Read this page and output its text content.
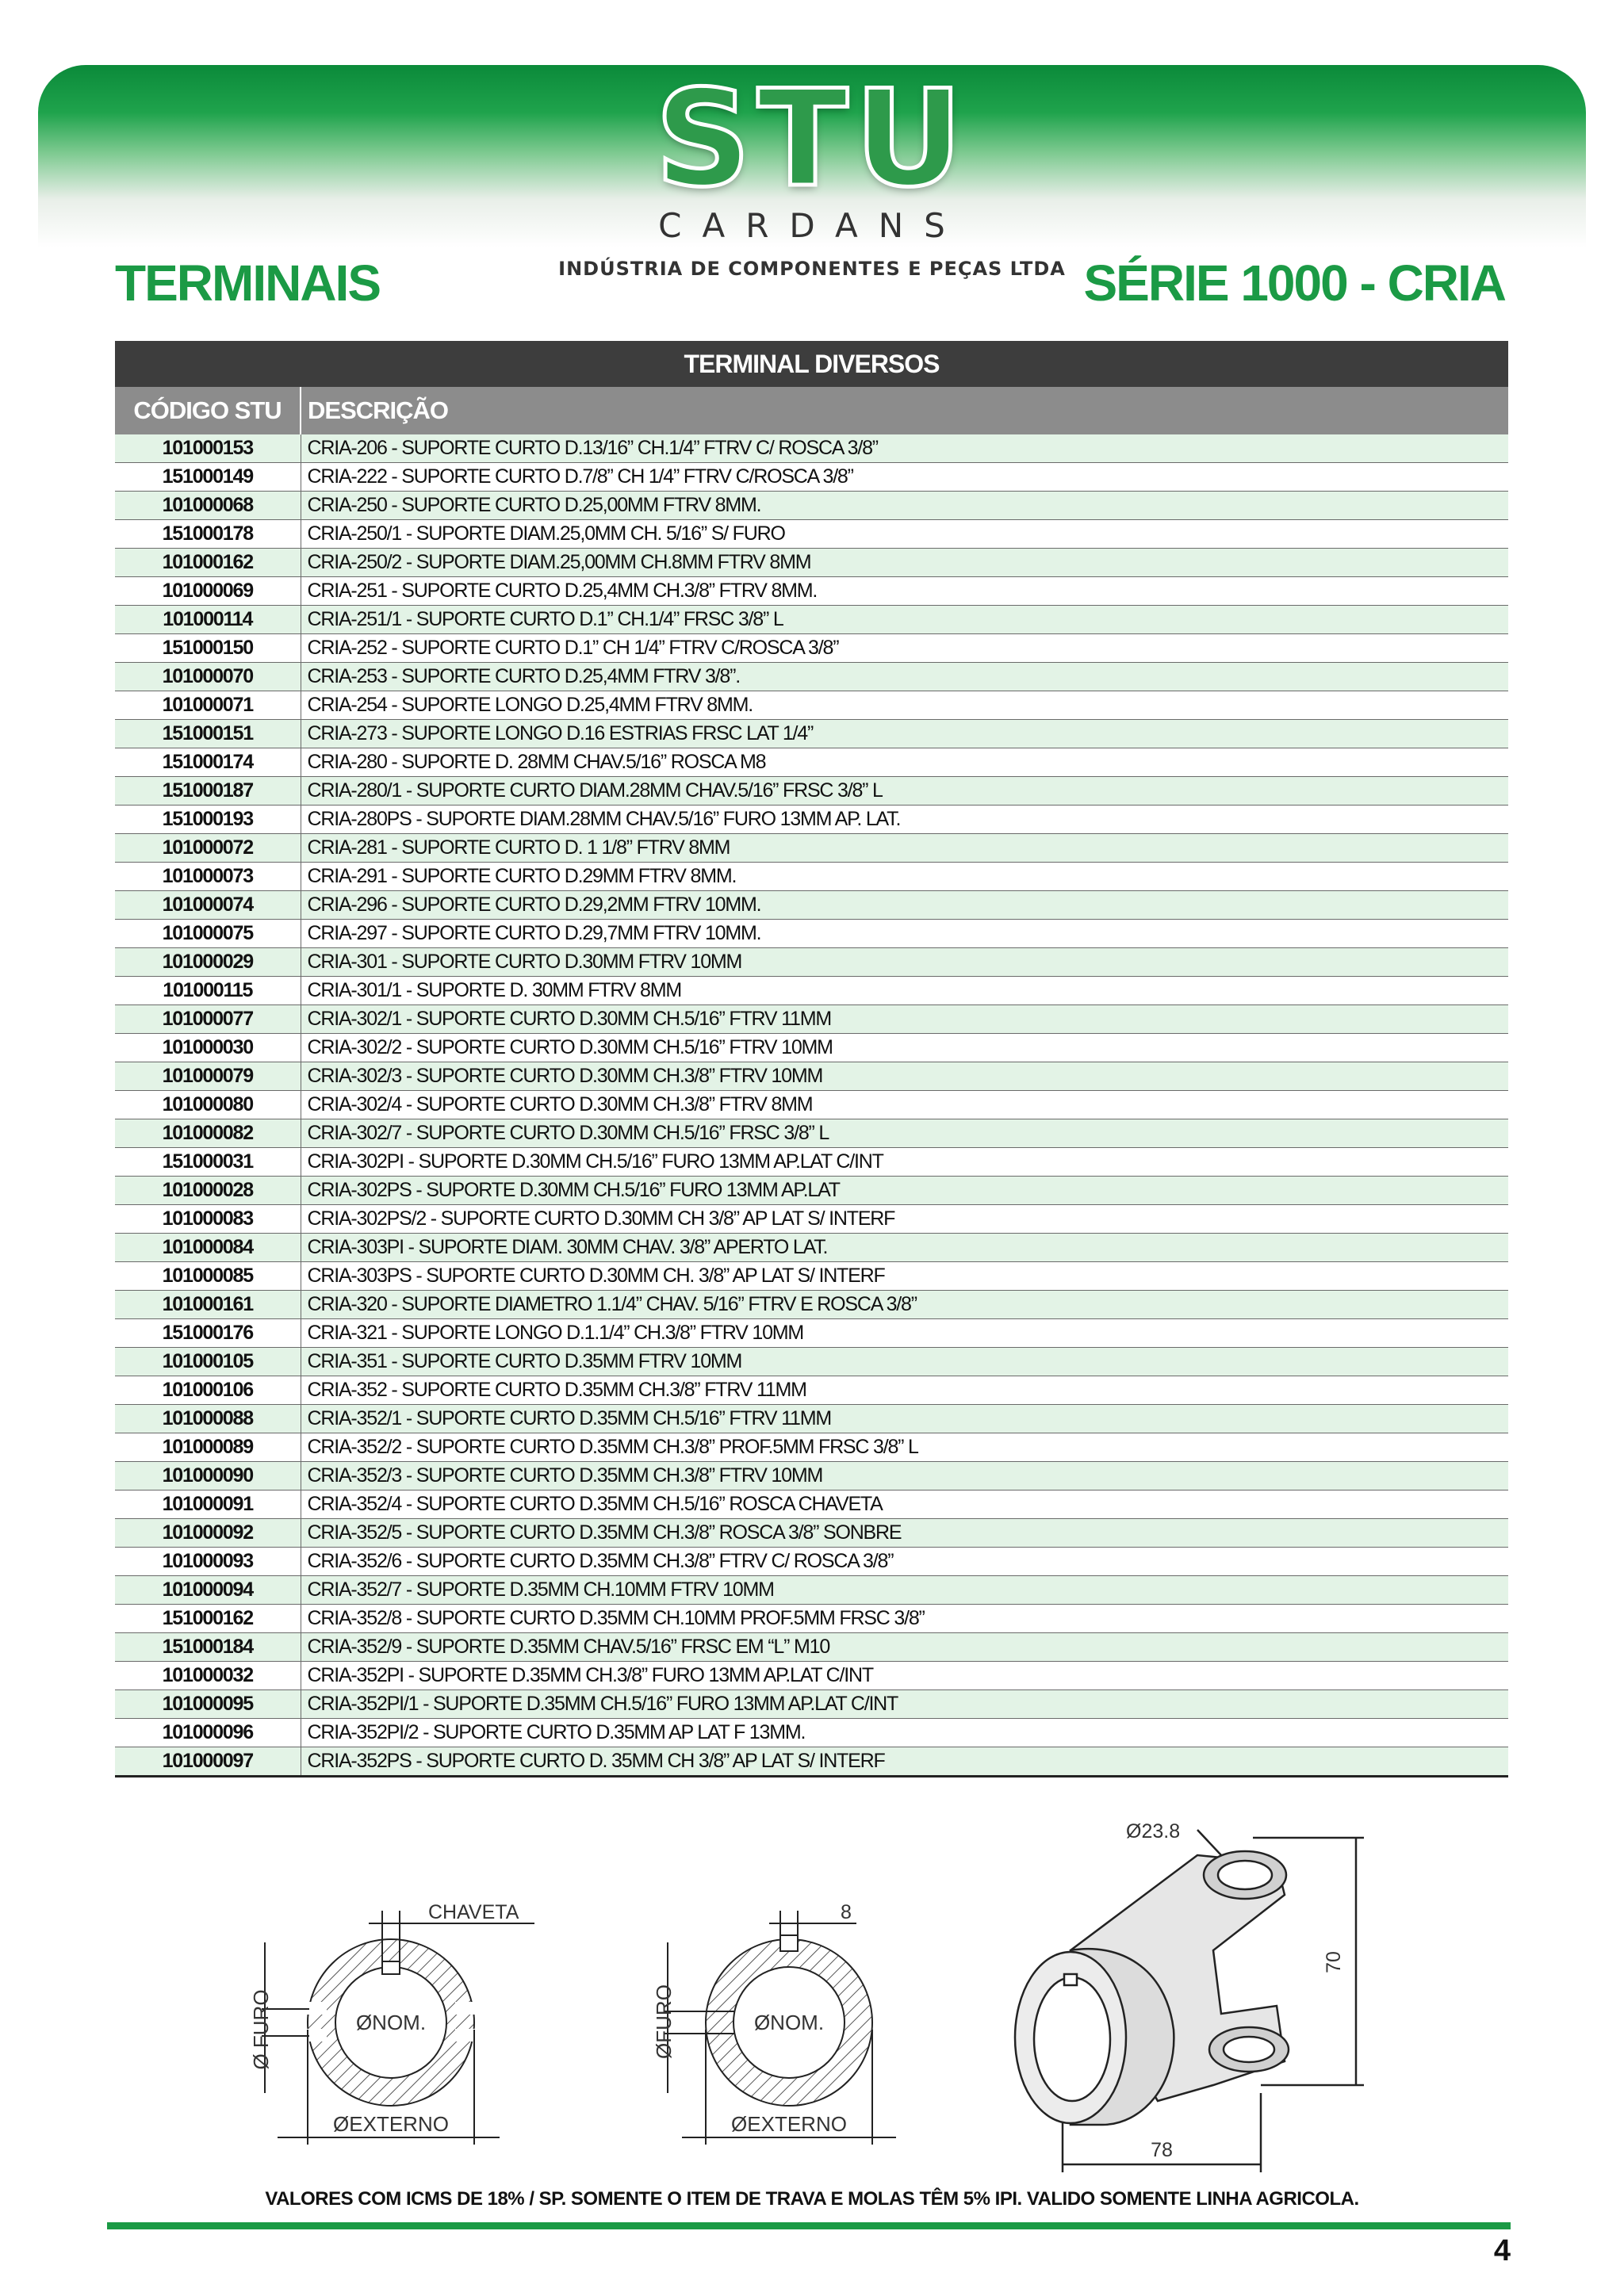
STU
CARDANS
INDÚSTRIA DE COMPONENTES E PEÇAS LTDA
TERMINAIS	SÉRIE 1000 - CRIA
TERMINAL DIVERSOS	
CÓDIGO STU	DESCRIÇÃO
101000153	CRIA-206 - SUPORTE CURTO D.13/16” CH.1/4” FTRV C/ ROSCA 3/8”
151000149	CRIA-222 - SUPORTE CURTO D.7/8” CH 1/4” FTRV C/ROSCA 3/8”
101000068	CRIA-250 - SUPORTE CURTO D.25,00MM FTRV 8MM.
151000178	CRIA-250/1 - SUPORTE DIAM.25,0MM CH. 5/16” S/ FURO
101000162	CRIA-250/2 - SUPORTE DIAM.25,00MM CH.8MM FTRV 8MM
101000069	CRIA-251 - SUPORTE CURTO D.25,4MM CH.3/8” FTRV 8MM.
101000114	CRIA-251/1 - SUPORTE CURTO D.1” CH.1/4” FRSC 3/8” L
151000150	CRIA-252 - SUPORTE CURTO D.1” CH 1/4” FTRV C/ROSCA 3/8”
101000070	CRIA-253 - SUPORTE CURTO D.25,4MM FTRV 3/8”.
101000071	CRIA-254 - SUPORTE LONGO D.25,4MM FTRV 8MM.
151000151	CRIA-273 - SUPORTE LONGO D.16 ESTRIAS FRSC LAT 1/4”
151000174	CRIA-280 - SUPORTE D. 28MM CHAV.5/16” ROSCA M8
151000187	CRIA-280/1 - SUPORTE CURTO DIAM.28MM CHAV.5/16” FRSC 3/8” L
151000193	CRIA-280PS - SUPORTE DIAM.28MM CHAV.5/16” FURO 13MM AP. LAT.
101000072	CRIA-281 - SUPORTE CURTO D. 1 1/8” FTRV 8MM
101000073	CRIA-291 - SUPORTE CURTO D.29MM FTRV 8MM.
101000074	CRIA-296 - SUPORTE CURTO D.29,2MM FTRV 10MM.
101000075	CRIA-297 - SUPORTE CURTO D.29,7MM FTRV 10MM.
101000029	CRIA-301 - SUPORTE CURTO D.30MM FTRV 10MM
101000115	CRIA-301/1 - SUPORTE D. 30MM FTRV 8MM
101000077	CRIA-302/1 - SUPORTE CURTO D.30MM CH.5/16” FTRV 11MM
101000030	CRIA-302/2 - SUPORTE CURTO D.30MM CH.5/16” FTRV 10MM
101000079	CRIA-302/3 - SUPORTE CURTO D.30MM CH.3/8” FTRV 10MM
101000080	CRIA-302/4 - SUPORTE CURTO D.30MM CH.3/8” FTRV 8MM
101000082	CRIA-302/7 - SUPORTE CURTO D.30MM CH.5/16” FRSC 3/8” L
151000031	CRIA-302PI - SUPORTE D.30MM CH.5/16” FURO 13MM AP.LAT C/INT
101000028	CRIA-302PS - SUPORTE D.30MM CH.5/16” FURO 13MM AP.LAT
101000083	CRIA-302PS/2 - SUPORTE CURTO D.30MM CH 3/8” AP LAT S/ INTERF
101000084	CRIA-303PI - SUPORTE DIAM. 30MM CHAV. 3/8” APERTO LAT.
101000085	CRIA-303PS - SUPORTE CURTO D.30MM CH. 3/8” AP LAT S/ INTERF
101000161	CRIA-320 - SUPORTE DIAMETRO 1.1/4” CHAV. 5/16” FTRV E ROSCA 3/8”
151000176	CRIA-321 - SUPORTE LONGO D.1.1/4” CH.3/8” FTRV 10MM
101000105	CRIA-351 - SUPORTE CURTO D.35MM FTRV 10MM
101000106	CRIA-352 - SUPORTE CURTO D.35MM CH.3/8” FTRV 11MM
101000088	CRIA-352/1 - SUPORTE CURTO D.35MM CH.5/16” FTRV 11MM
101000089	CRIA-352/2 - SUPORTE CURTO D.35MM CH.3/8” PROF.5MM FRSC 3/8” L
101000090	CRIA-352/3 - SUPORTE CURTO D.35MM CH.3/8” FTRV 10MM
101000091	CRIA-352/4 - SUPORTE CURTO D.35MM CH.5/16” ROSCA CHAVETA
101000092	CRIA-352/5 - SUPORTE CURTO D.35MM CH.3/8” ROSCA 3/8” SONBRE
101000093	CRIA-352/6 - SUPORTE CURTO D.35MM CH.3/8” FTRV C/ ROSCA 3/8”
101000094	CRIA-352/7 - SUPORTE D.35MM CH.10MM FTRV 10MM
151000162	CRIA-352/8 - SUPORTE CURTO D.35MM CH.10MM PROF.5MM FRSC 3/8”
151000184	CRIA-352/9 - SUPORTE D.35MM CHAV.5/16” FRSC EM “L” M10
101000032	CRIA-352PI - SUPORTE D.35MM CH.3/8” FURO 13MM AP.LAT C/INT
101000095	CRIA-352PI/1 - SUPORTE D.35MM CH.5/16” FURO 13MM AP.LAT C/INT
101000096	CRIA-352PI/2 - SUPORTE CURTO D.35MM AP LAT F 13MM.
101000097	CRIA-352PS - SUPORTE CURTO D. 35MM CH 3/8” AP LAT S/ INTERF
Ø FURO
CHAVETA
ØNOM.
ØEXTERNO
ØFURO
8
ØNOM.
ØEXTERNO
Ø23.8
70
78
VALORES COM ICMS DE 18% / SP. SOMENTE O ITEM DE TRAVA E MOLAS TÊM 5% IPI. VALIDO SOMENTE LINHA AGRICOLA.
4
